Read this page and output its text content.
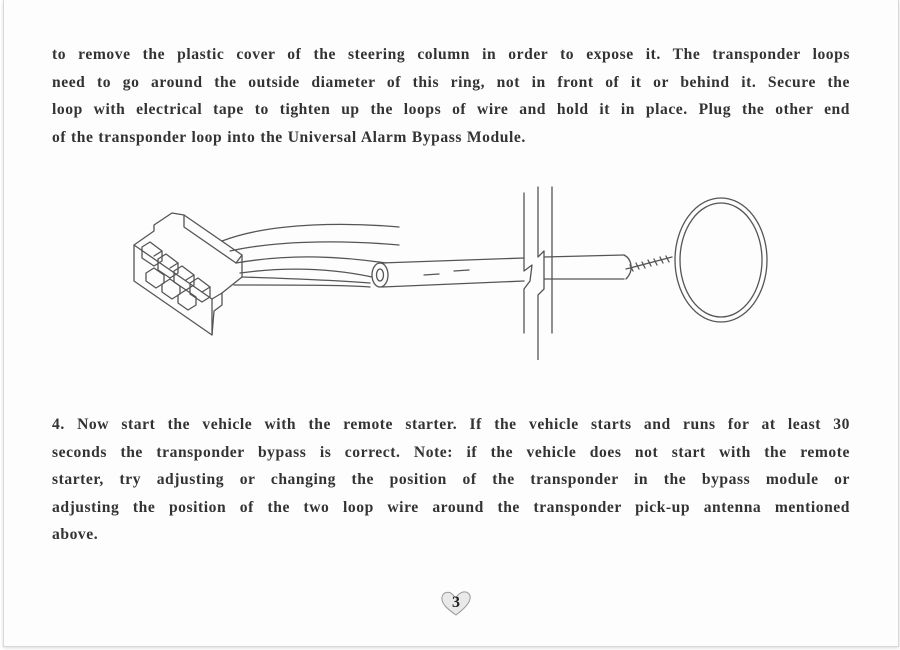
to remove the plastic cover of the steering column in order to expose it. The transponder loops
need to go around the outside diameter of this ring, not in front of it or behind it. Secure the
loop with electrical tape to tighten up the loops of wire and hold it in place. Plug the other end
of the transponder loop into the Universal Alarm Bypass Module.

4. Now start the vehicle with the remote starter. If the vehicle starts and runs for at least 30
seconds the transponder bypass is correct. Note: if the vehicle does not start with the remote
starter, try adjusting or changing the position of the transponder in the bypass module or
adjusting the position of the two loop wire around the transponder pick-up antenna mentioned
above.

3
